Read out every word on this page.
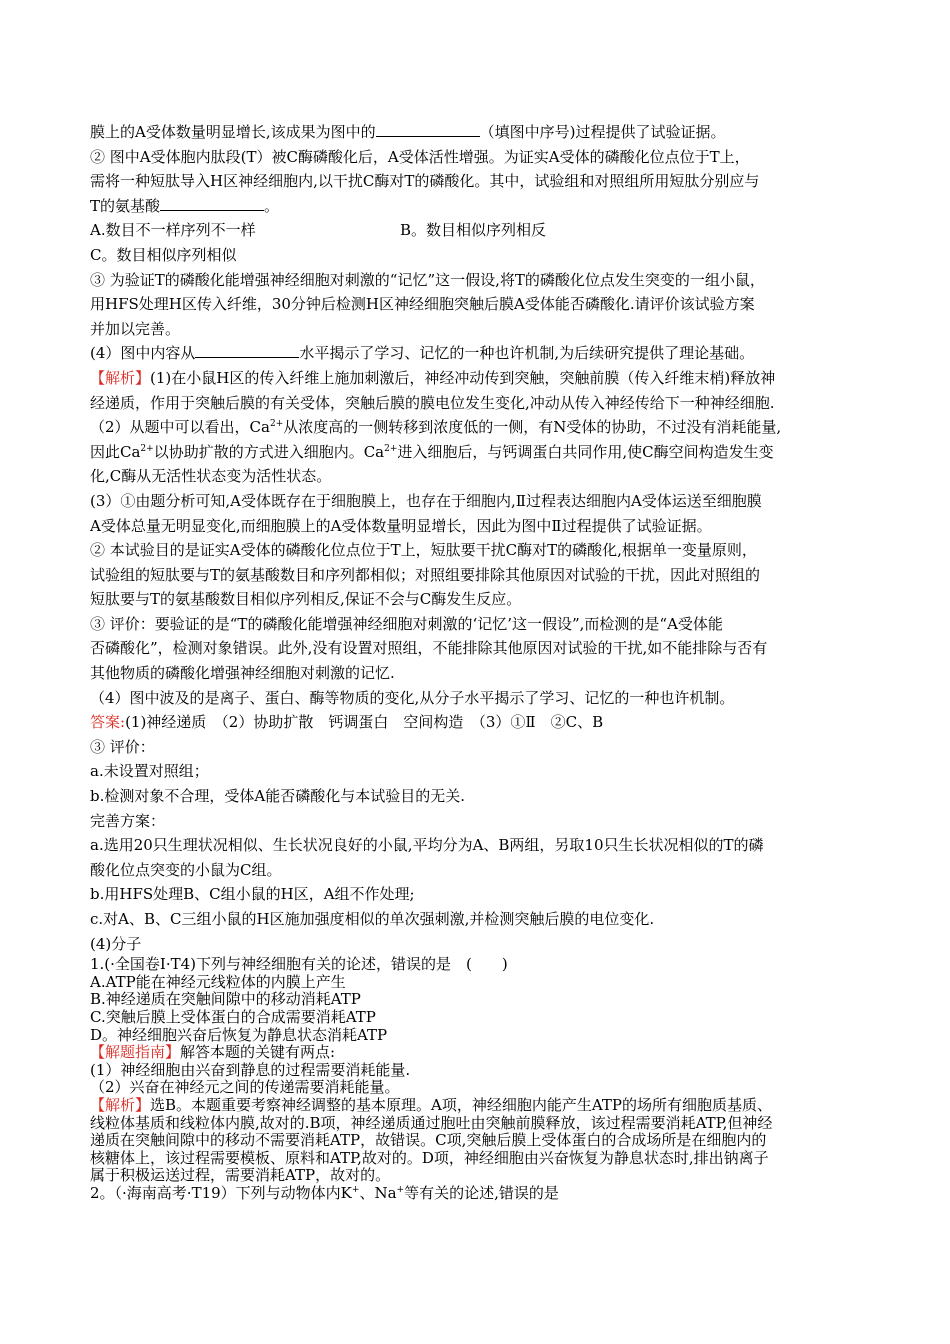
膜上的A受体数量明显增长,该成果为图中的	（填图中序号)过程提供了试验证据。
② 图中A受体胞内肽段(T）被C酶磷酸化后，A受体活性增强。为证实A受体的磷酸化位点位于T上，
需将一种短肽导入H区神经细胞内,以干扰C酶对T的磷酸化。其中，试验组和对照组所用短肽分别应与
T的氨基酸	。
A.数目不一样序列不一样	B。数目相似序列相反
C。数目相似序列相似
③ 为验证T的磷酸化能增强神经细胞对刺激的“记忆”这一假设,将T的磷酸化位点发生突变的一组小鼠，
用HFS处理H区传入纤维，30分钟后检测H区神经细胞突触后膜A受体能否磷酸化.请评价该试验方案
并加以完善。
(4）图中内容从	水平揭示了学习、记忆的一种也许机制,为后续研究提供了理论基础。
【解析】(1)在小鼠H区的传入纤维上施加刺激后，神经冲动传到突触，突触前膜（传入纤维末梢)释放神
经递质，作用于突触后膜的有关受体，突触后膜的膜电位发生变化,冲动从传入神经传给下一种神经细胞.
（2）从题中可以看出，$Ca^{2+}$从浓度高的一侧转移到浓度低的一侧，有N受体的协助，不过没有消耗能量,
因此$Ca^{2+}$以协助扩散的方式进入细胞内。$Ca^{2+}$进入细胞后，与钙调蛋白共同作用,使C酶空间构造发生变
化,C酶从无活性状态变为活性状态。
(3）①由题分析可知,A受体既存在于细胞膜上，也存在于细胞内,Ⅱ过程表达细胞内A受体运送至细胞膜
A受体总量无明显变化,而细胞膜上的A受体数量明显增长，因此为图中Ⅱ过程提供了试验证据。
② 本试验目的是证实A受体的磷酸化位点位于T上，短肽要干扰C酶对T的磷酸化,根据单一变量原则，
试验组的短肽要与T的氨基酸数目和序列都相似；对照组要排除其他原因对试验的干扰，因此对照组的
短肽要与T的氨基酸数目相似序列相反,保证不会与C酶发生反应。
③ 评价：要验证的是“T的磷酸化能增强神经细胞对刺激的‘记忆’这一假设”,而检测的是“A受体能
否磷酸化”，检测对象错误。此外,没有设置对照组，不能排除其他原因对试验的干扰,如不能排除与否有
其他物质的磷酸化增强神经细胞对刺激的记忆.
（4）图中波及的是离子、蛋白、酶等物质的变化,从分子水平揭示了学习、记忆的一种也许机制。
答案:(1)神经递质　（2）协助扩散　钙调蛋白　空间构造　（3）①Ⅱ　②C、B
③ 评价：
a.未设置对照组；
b.检测对象不合理，受体A能否磷酸化与本试验目的无关.
完善方案：
a.选用20只生理状况相似、生长状况良好的小鼠,平均分为A、B两组，另取10只生长状况相似的T的磷
酸化位点突变的小鼠为C组。
b.用HFS处理B、C组小鼠的H区，A组不作处理;
c.对A、B、C三组小鼠的H区施加强度相似的单次强刺激,并检测突触后膜的电位变化.
(4)分子
1.(·全国卷Ⅰ·T4)下列与神经细胞有关的论述，错误的是　(　　)
A.ATP能在神经元线粒体的内膜上产生
B.神经递质在突触间隙中的移动消耗ATP
C.突触后膜上受体蛋白的合成需要消耗ATP
D。神经细胞兴奋后恢复为静息状态消耗ATP
【解题指南】解答本题的关键有两点:
(1）神经细胞由兴奋到静息的过程需要消耗能量.
（2）兴奋在神经元之间的传递需要消耗能量。
【解析】选B。本题重要考察神经调整的基本原理。A项，神经细胞内能产生ATP的场所有细胞质基质、
线粒体基质和线粒体内膜,故对的.B项，神经递质通过胞吐由突触前膜释放，该过程需要消耗ATP,但神经
递质在突触间隙中的移动不需要消耗ATP，故错误。C项,突触后膜上受体蛋白的合成场所是在细胞内的
核糖体上，该过程需要模板、原料和ATP,故对的。D项，神经细胞由兴奋恢复为静息状态时,排出钠离子
属于积极运送过程，需要消耗ATP，故对的。
2。（·海南高考·T19）下列与动物体内K+、Na+等有关的论述,错误的是
